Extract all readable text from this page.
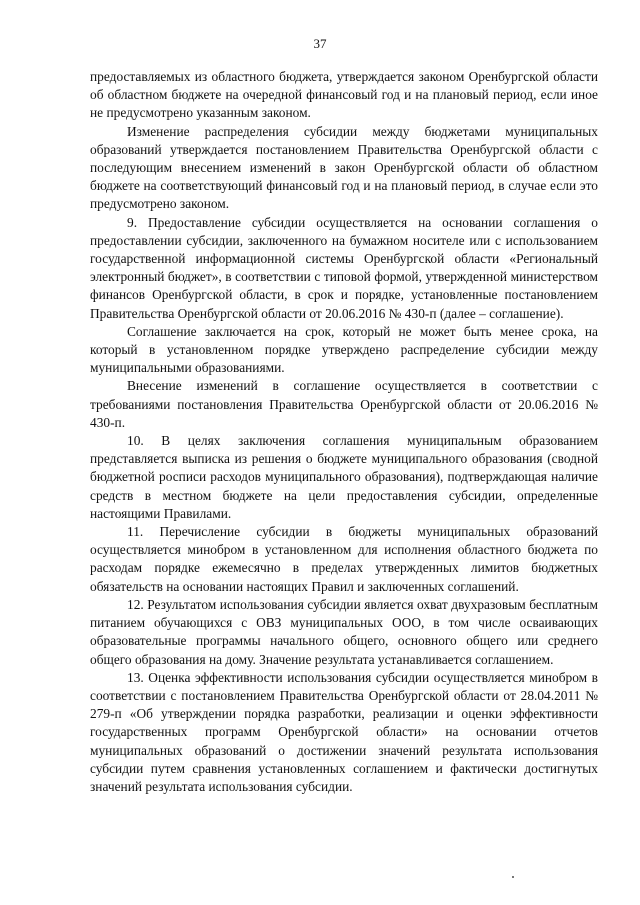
37

предоставляемых из областного бюджета, утверждается законом Оренбургской области об областном бюджете на очередной финансовый год и на плановый период, если иное не предусмотрено указанным законом.

Изменение распределения субсидии между бюджетами муниципальных образований утверждается постановлением Правительства Оренбургской области с последующим внесением изменений в закон Оренбургской области об областном бюджете на соответствующий финансовый год и на плановый период, в случае если это предусмотрено законом.

9. Предоставление субсидии осуществляется на основании соглашения о предоставлении субсидии, заключенного на бумажном носителе или с использованием государственной информационной системы Оренбургской области «Региональный электронный бюджет», в соответствии с типовой формой, утвержденной министерством финансов Оренбургской области, в срок и порядке, установленные постановлением Правительства Оренбургской области от 20.06.2016 № 430-п (далее – соглашение).

Соглашение заключается на срок, который не может быть менее срока, на который в установленном порядке утверждено распределение субсидии между муниципальными образованиями.

Внесение изменений в соглашение осуществляется в соответствии с требованиями постановления Правительства Оренбургской области от 20.06.2016 № 430-п.

10. В целях заключения соглашения муниципальным образованием представляется выписка из решения о бюджете муниципального образования (сводной бюджетной росписи расходов муниципального образования), подтверждающая наличие средств в местном бюджете на цели предоставления субсидии, определенные настоящими Правилами.

11. Перечисление субсидии в бюджеты муниципальных образований осуществляется минобром в установленном для исполнения областного бюджета по расходам порядке ежемесячно в пределах утвержденных лимитов бюджетных обязательств на основании настоящих Правил и заключенных соглашений.

12. Результатом использования субсидии является охват двухразовым бесплатным питанием обучающихся с ОВЗ муниципальных ООО, в том числе осваивающих образовательные программы начального общего, основного общего или среднего общего образования на дому. Значение результата устанавливается соглашением.

13. Оценка эффективности использования субсидии осуществляется минобром в соответствии с постановлением Правительства Оренбургской области от 28.04.2011 № 279-п «Об утверждении порядка разработки, реализации и оценки эффективности государственных программ Оренбургской области» на основании отчетов муниципальных образований о достижении значений результата использования субсидии путем сравнения установленных соглашением и фактически достигнутых значений результата использования субсидии.
